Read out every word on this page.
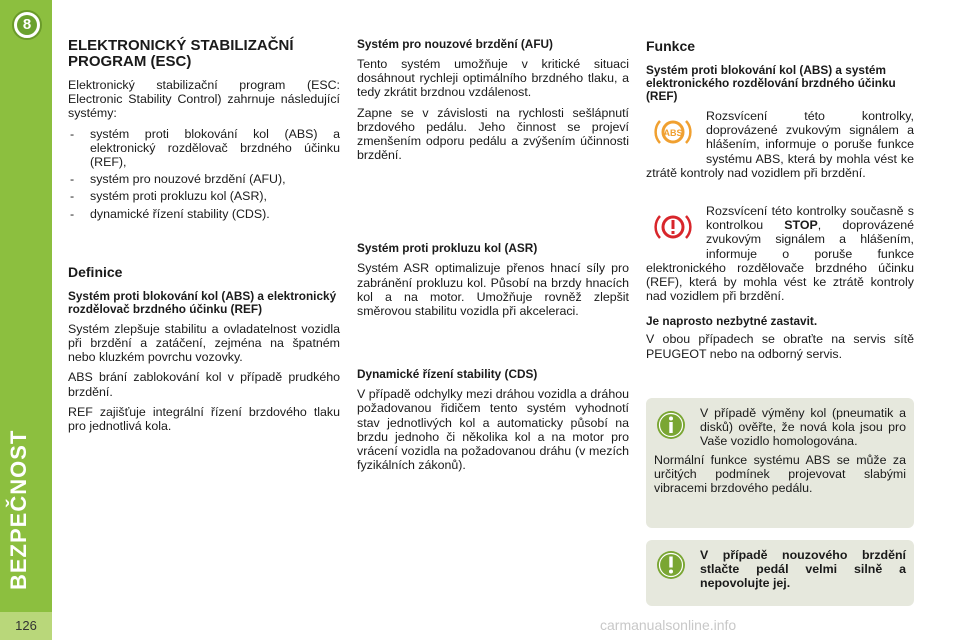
8
BEZPEČNOST
126
ELEKTRONICKÝ STABILIZAČNÍ PROGRAM (ESC)

Elektronický stabilizační program (ESC: Electronic Stability Control) zahrnuje následující systémy:

- systém proti blokování kol (ABS) a elektronický rozdělovač brzdného účinku (REF),
- systém pro nouzové brzdění (AFU),
- systém proti prokluzu kol (ASR),
- dynamické řízení stability (CDS).
Definice
Systém proti blokování kol (ABS) a elektronický rozdělovač brzdného účinku (REF)

Systém zlepšuje stabilitu a ovladatelnost vozidla při brzdění a zatáčení, zejména na špatném nebo kluzkém povrchu vozovky.

ABS brání zablokování kol v případě prudkého brzdění.

REF zajišťuje integrální řízení brzdového tlaku pro jednotlivá kola.

Systém pro nouzové brzdění (AFU)

Tento systém umožňuje v kritické situaci dosáhnout rychleji optimálního brzdného tlaku, a tedy zkrátit brzdnou vzdálenost.

Zapne se v závislosti na rychlosti sešlápnutí brzdového pedálu. Jeho činnost se projeví zmenšením odporu pedálu a zvýšením účinnosti brzdění.

Systém proti prokluzu kol (ASR)

Systém ASR optimalizuje přenos hnací síly pro zabránění prokluzu kol. Působí na brzdy hnacích kol a na motor. Umožňuje rovněž zlepšit směrovou stabilitu vozidla při akceleraci.

Dynamické řízení stability (CDS)

V případě odchylky mezi dráhou vozidla a dráhou požadovanou řidičem tento systém vyhodnotí stav jednotlivých kol a automaticky působí na brzdu jednoho či několika kol a na motor pro vrácení vozidla na požadovanou dráhu (v mezích fyzikálních zákonů).

Funkce
Systém proti blokování kol (ABS) a systém elektronického rozdělování brzdného účinku (REF)
ABS

Rozsvícení této kontrolky, doprovázené zvukovým signálem a hlášením, informuje o poruše funkce systému ABS, která by mohla vést ke ztrátě kontroly nad vozidlem při brzdění.

Rozsvícení této kontrolky současně s kontrolkou STOP, doprovázené zvukovým signálem a hlášením, informuje o poruše funkce elektronického rozdělovače brzdného účinku (REF), která by mohla vést ke ztrátě kontroly nad vozidlem při brzdění.

Je naprosto nezbytné zastavit.

V obou případech se obraťte na servis sítě PEUGEOT nebo na odborný servis.

V případě výměny kol (pneumatik a disků) ověřte, že nová kola jsou pro Vaše vozidlo homologována.

Normální funkce systému ABS se může za určitých podmínek projevovat slabými vibracemi brzdového pedálu.

V případě nouzového brzdění stlačte pedál velmi silně a nepovolujte jej.

carmanualsonline.info
